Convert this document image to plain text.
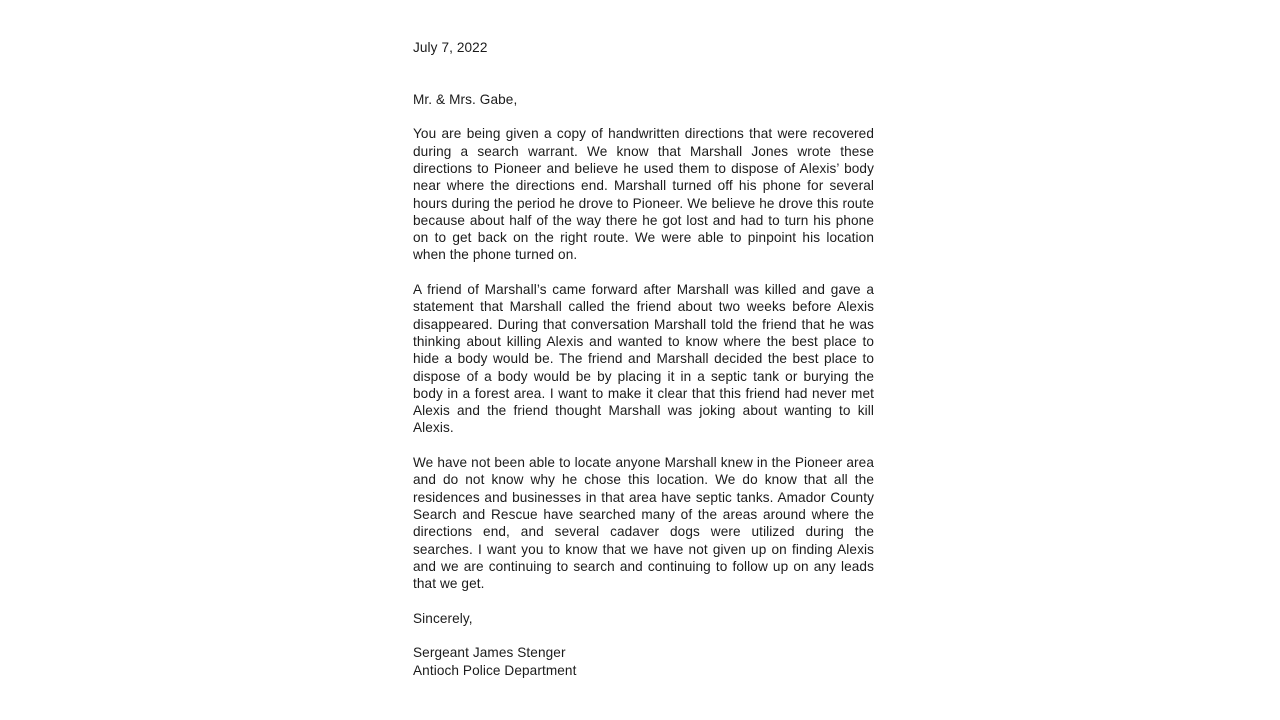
July 7, 2022

Mr. & Mrs. Gabe,

You are being given a copy of handwritten directions that were recovered during a search warrant. We know that Marshall Jones wrote these directions to Pioneer and believe he used them to dispose of Alexis’ body near where the directions end. Marshall turned off his phone for several hours during the period he drove to Pioneer. We believe he drove this route because about half of the way there he got lost and had to turn his phone on to get back on the right route. We were able to pinpoint his location when the phone turned on.

A friend of Marshall’s came forward after Marshall was killed and gave a statement that Marshall called the friend about two weeks before Alexis disappeared. During that conversation Marshall told the friend that he was thinking about killing Alexis and wanted to know where the best place to hide a body would be. The friend and Marshall decided the best place to dispose of a body would be by placing it in a septic tank or burying the body in a forest area. I want to make it clear that this friend had never met Alexis and the friend thought Marshall was joking about wanting to kill Alexis.

We have not been able to locate anyone Marshall knew in the Pioneer area and do not know why he chose this location. We do know that all the residences and businesses in that area have septic tanks. Amador County Search and Rescue have searched many of the areas around where the directions end, and several cadaver dogs were utilized during the searches. I want you to know that we have not given up on finding Alexis and we are continuing to search and continuing to follow up on any leads that we get.

Sincerely,

Sergeant James Stenger

Antioch Police Department
